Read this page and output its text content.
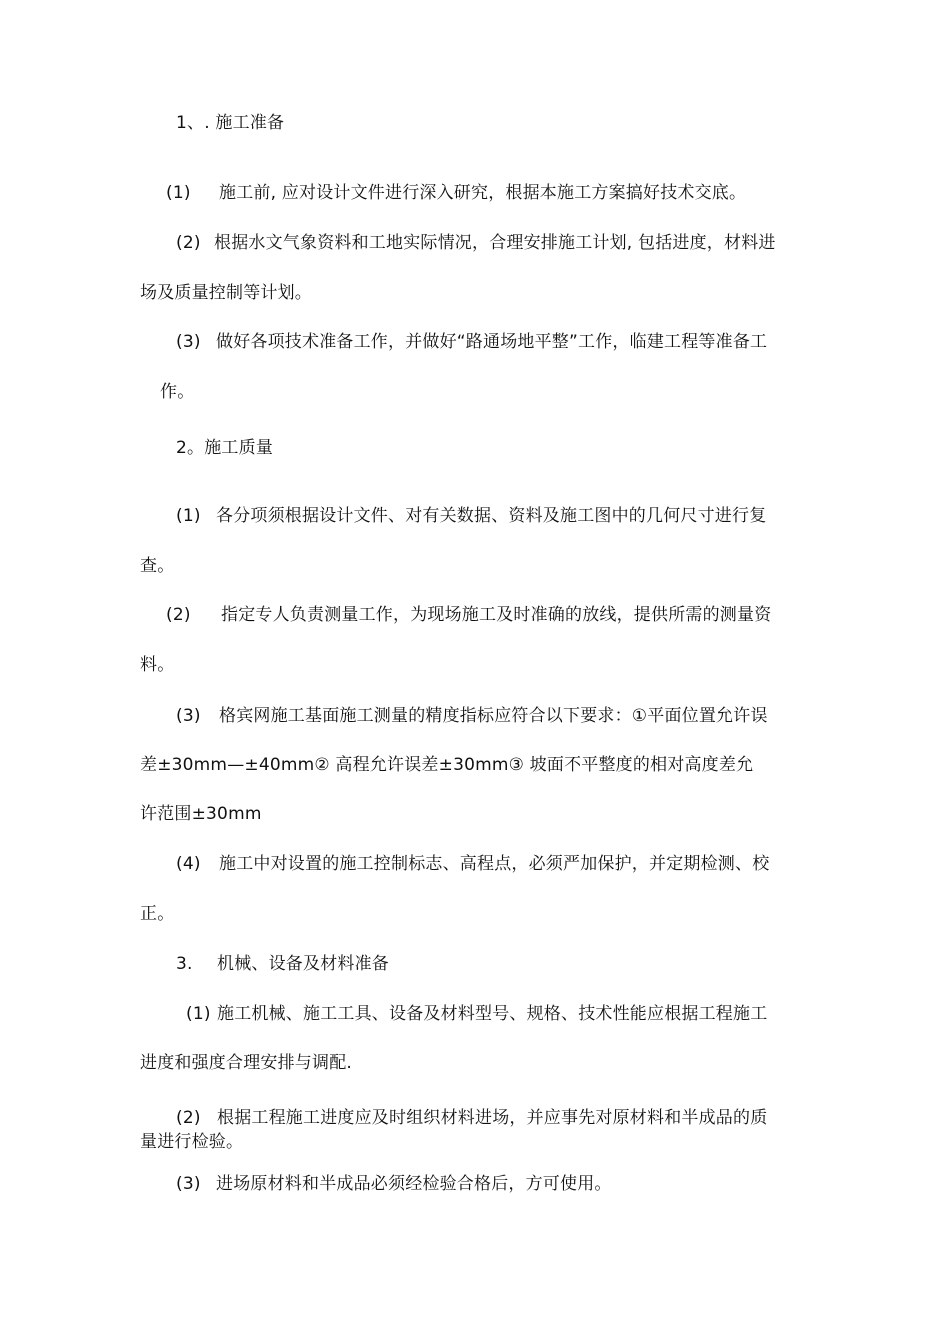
1、. 施工准备
(1) 施工前, 应对设计文件进行深入研究，根据本施工方案搞好技术交底。
(2) 根据水文气象资料和工地实际情况，合理安排施工计划, 包括进度，材料进
场及质量控制等计划。
(3) 做好各项技术准备工作，并做好“路通场地平整”工作，临建工程等准备工
作。
2。施工质量
(1) 各分项须根据设计文件、对有关数据、资料及施工图中的几何尺寸进行复
查。
(2) 指定专人负责测量工作，为现场施工及时准确的放线，提供所需的测量资
料。
(3) 格宾网施工基面施工测量的精度指标应符合以下要求：①平面位置允许误
差±30mm—±40mm② 高程允许误差±30mm③ 坡面不平整度的相对高度差允
许范围±30mm
(4) 施工中对设置的施工控制标志、高程点，必须严加保护，并定期检测、校
正。
3. 机械、设备及材料准备
(1) 施工机械、施工工具、设备及材料型号、规格、技术性能应根据工程施工
进度和强度合理安排与调配.
(2) 根据工程施工进度应及时组织材料进场，并应事先对原材料和半成品的质
量进行检验。
(3) 进场原材料和半成品必须经检验合格后，方可使用。
